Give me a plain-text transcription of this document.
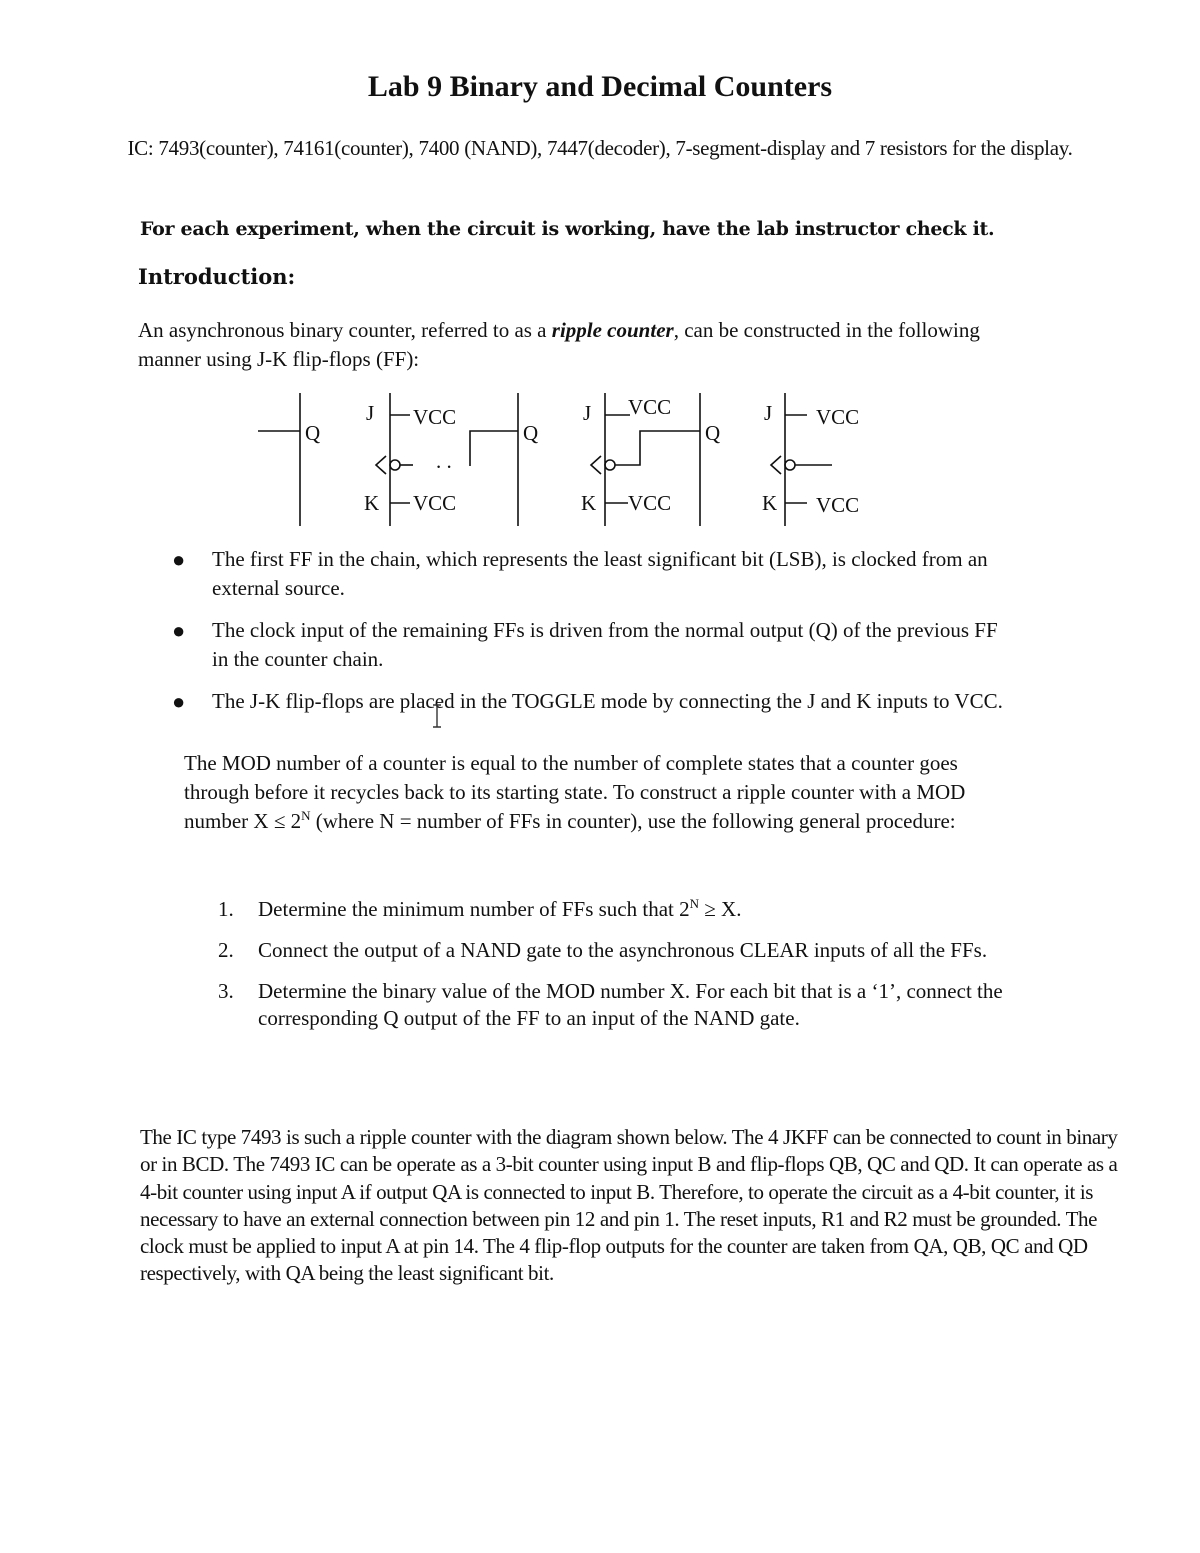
Lab 9 Binary and Decimal Counters
IC: 7493(counter), 74161(counter), 7400 (NAND), 7447(decoder), 7-segment-display and 7 resistors for the display.
For each experiment, when the circuit is working, have the lab instructor check it.
Introduction:
An asynchronous binary counter, referred to as a ripple counter, can be constructed in the following manner using J-K flip-flops (FF):
Q
J VCC
. .
K VCC
Q
J VCC
K VCC
Q
J VCC
K VCC
● The first FF in the chain, which represents the least significant bit (LSB), is clocked from an external source.
● The clock input of the remaining FFs is driven from the normal output (Q) of the previous FF in the counter chain.
● The J-K flip-flops are placed in the TOGGLE mode by connecting the J and K inputs to VCC.
The MOD number of a counter is equal to the number of complete states that a counter goes through before it recycles back to its starting state. To construct a ripple counter with a MOD number $X \le 2^N$ (where N = number of FFs in counter), use the following general procedure:
1. Determine the minimum number of FFs such that $2^N \ge X$.
2. Connect the output of a NAND gate to the asynchronous CLEAR inputs of all the FFs.
3. Determine the binary value of the MOD number X. For each bit that is a ‘1’, connect the corresponding Q output of the FF to an input of the NAND gate.
The IC type 7493 is such a ripple counter with the diagram shown below. The 4 JKFF can be connected to count in binary or in BCD. The 7493 IC can be operate as a 3-bit counter using input B and flip-flops QB, QC and QD. It can operate as a 4-bit counter using input A if output QA is connected to input B. Therefore, to operate the circuit as a 4-bit counter, it is necessary to have an external connection between pin 12 and pin 1. The reset inputs, R1 and R2 must be grounded. The clock must be applied to input A at pin 14. The 4 flip-flop outputs for the counter are taken from QA, QB, QC and QD respectively, with QA being the least significant bit.
